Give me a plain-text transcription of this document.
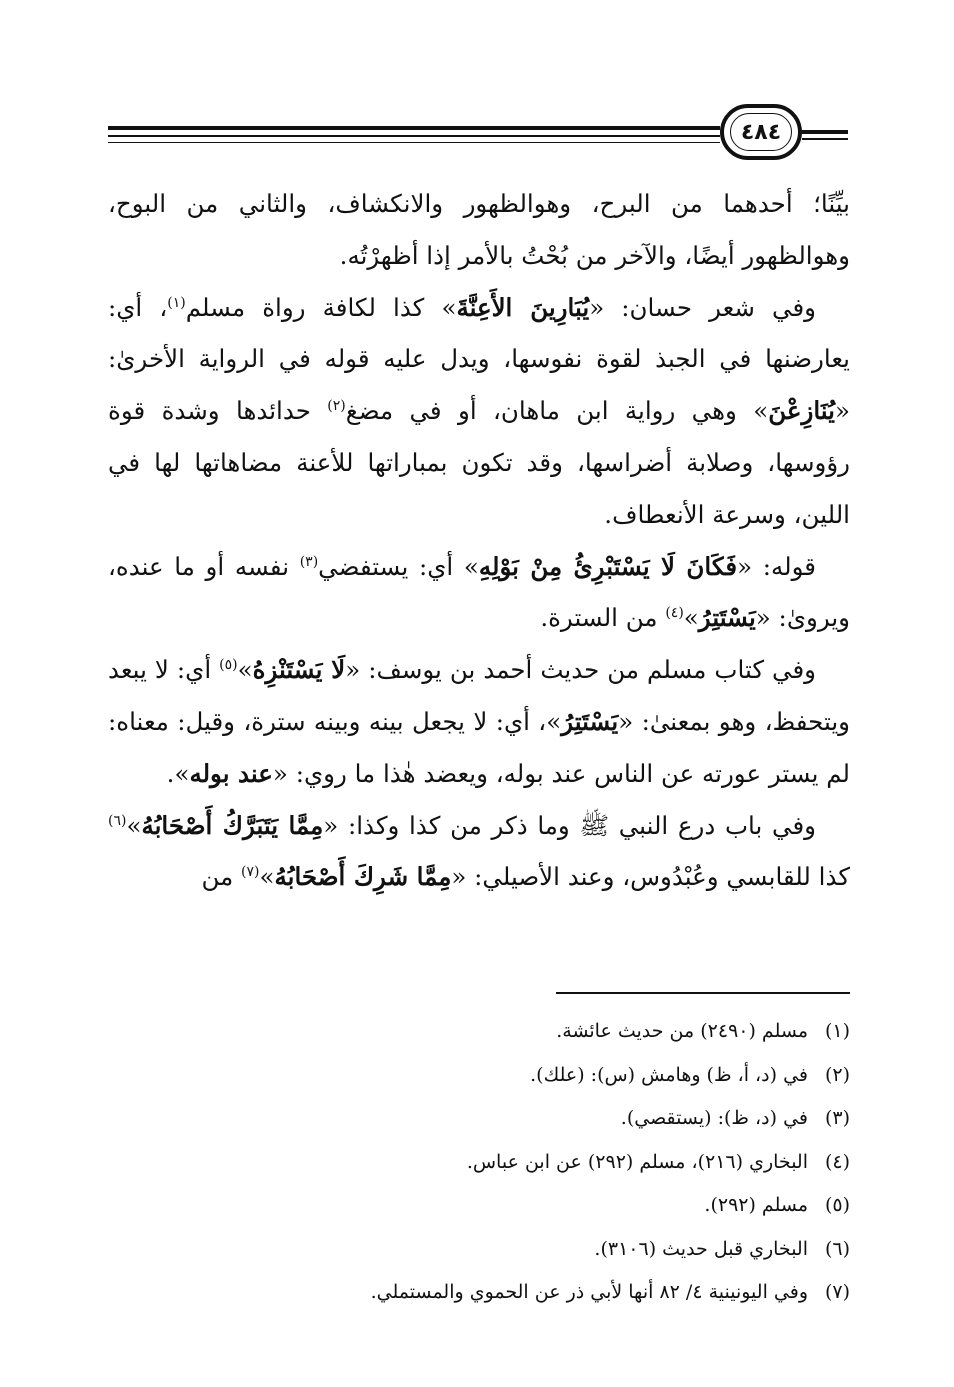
٤٨٤

بيِّنًا؛ أحدهما من البرح، وهوالظهور والانكشاف، والثاني من البوح، وهوالظهور أيضًا، والآخر من بُحْتُ بالأمر إذا أظهرْتُه.

وفي شعر حسان: «يُبَارِينَ الأَعِنَّةَ» كذا لكافة رواة مسلم$^{(١)}$، أي: يعارضنها في الجبذ لقوة نفوسها، ويدل عليه قوله في الرواية الأخرىٰ: «يُنَازِعْنَ» وهي رواية ابن ماهان، أو في مضغ$^{(٢)}$ حدائدها وشدة قوة رؤوسها، وصلابة أضراسها، وقد تكون بمباراتها للأعنة مضاهاتها لها في اللين، وسرعة الأنعطاف.

قوله: «فَكَانَ لَا يَسْتَبْرِئُ مِنْ بَوْلِهِ» أي: يستفضي$^{(٣)}$ نفسه أو ما عنده، ويروىٰ: «يَسْتَتِرُ»$^{(٤)}$ من السترة.

وفي كتاب مسلم من حديث أحمد بن يوسف: «لَا يَسْتَنْزِهُ»$^{(٥)}$ أي: لا يبعد ويتحفظ، وهو بمعنىٰ: «يَسْتَتِرُ»، أي: لا يجعل بينه وبينه سترة، وقيل: معناه: لم يستر عورته عن الناس عند بوله، ويعضد هٰذا ما روي: «عند بوله».

وفي باب درع النبي ﷺ وما ذكر من كذا وكذا: «مِمَّا يَتَبَرَّكُ أَصْحَابُهُ»$^{(٦)}$ كذا للقابسي وعُبْدُوس، وعند الأصيلي: «مِمَّا شَرِكَ أَصْحَابُهُ»$^{(٧)}$ من

(١)
مسلم (٢٤٩٠) من حديث عائشة.
(٢)
في (د، أ، ظ) وهامش (س): (علك).
(٣)
في (د، ظ): (يستقصي).
(٤)
البخاري (٢١٦)، مسلم (٢٩٢) عن ابن عباس.
(٥)
مسلم (٢٩٢).
(٦)
البخاري قبل حديث (٣١٠٦).
(٧)
وفي اليونينية ٤/ ٨٢ أنها لأبي ذر عن الحموي والمستملي.
